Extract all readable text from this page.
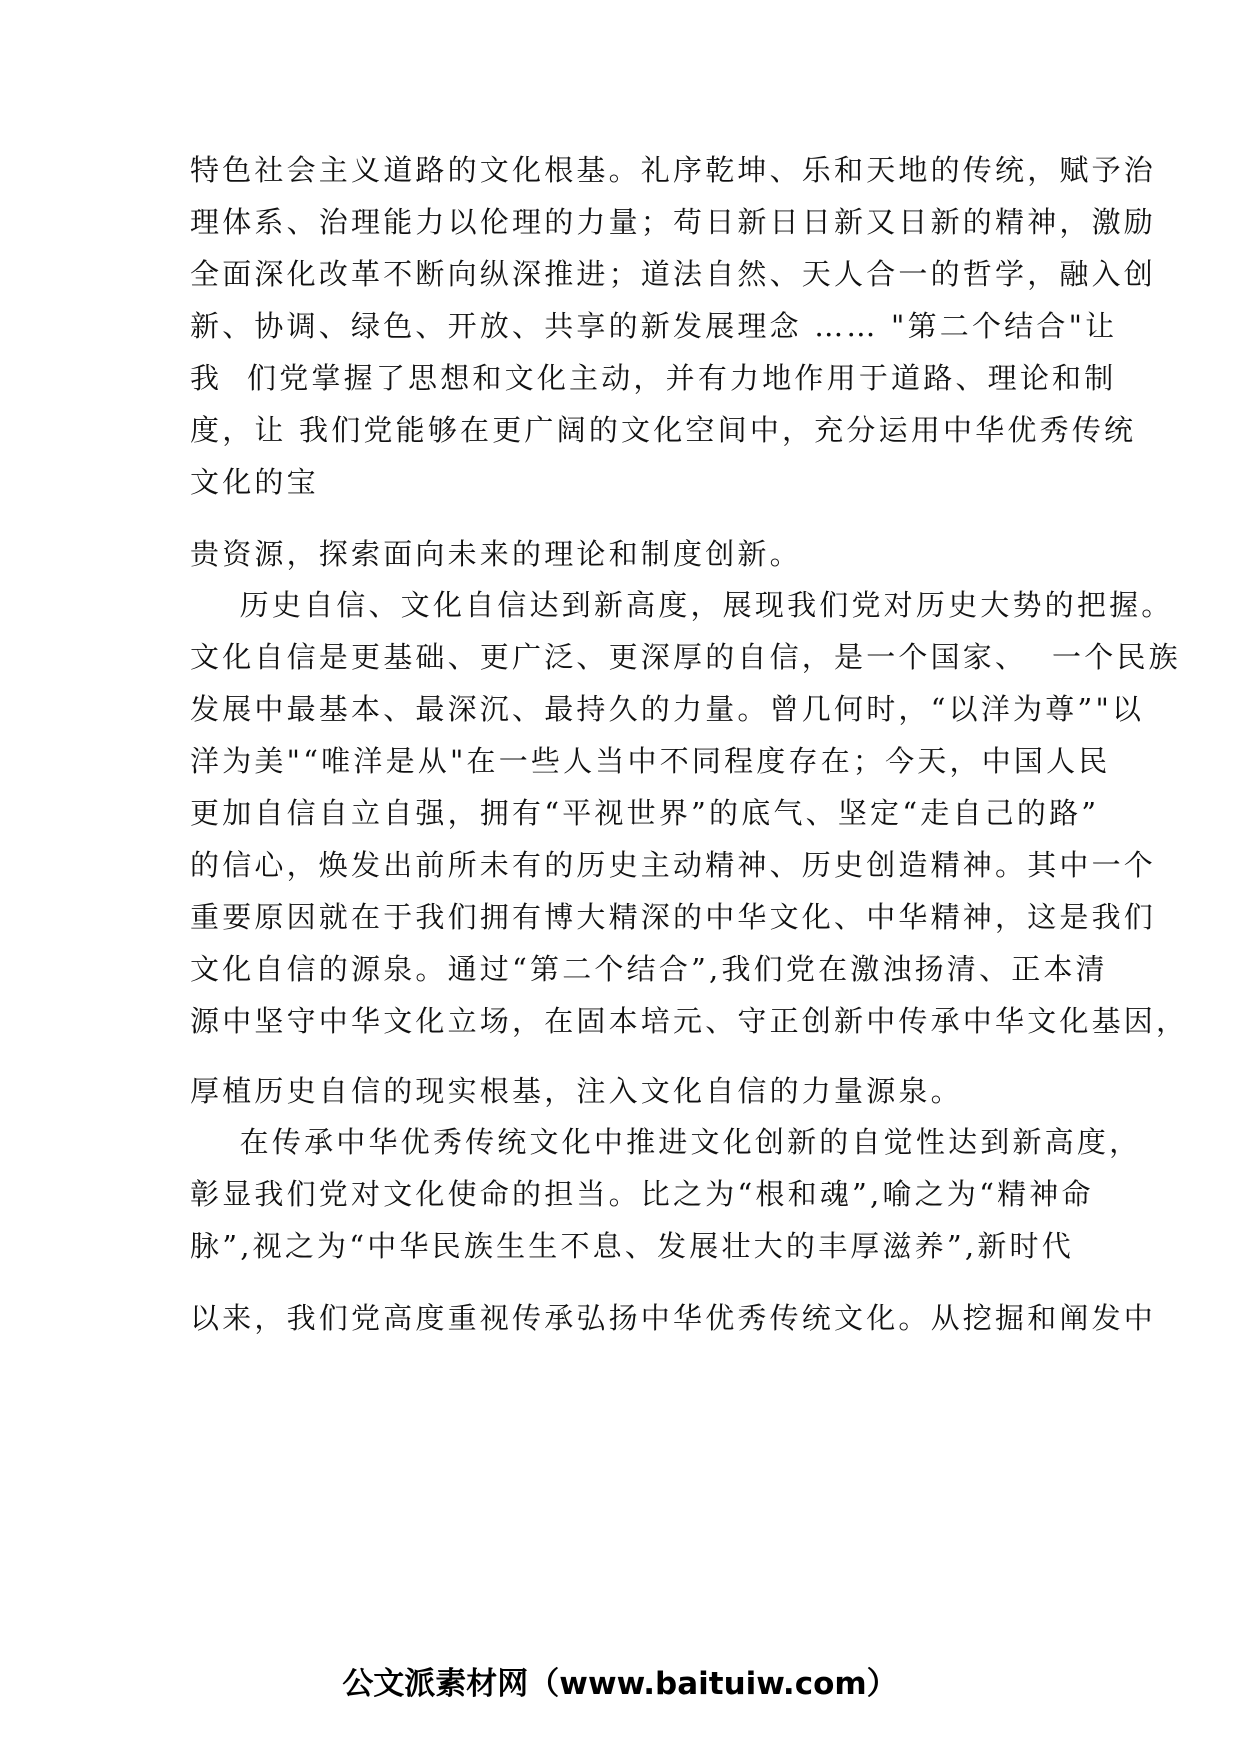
特色社会主义道路的文化根基。礼序乾坤、乐和天地的传统，赋予治
理体系、治理能力以伦理的力量；苟日新日日新又日新的精神，激励
全面深化改革不断向纵深推进；道法自然、天人合一的哲学，融入创
新、协调、绿色、开放、共享的新发展理念 …… "第二个结合"让
我  们党掌握了思想和文化主动，并有力地作用于道路、理论和制
度，让 我们党能够在更广阔的文化空间中，充分运用中华优秀传统
文化的宝
贵资源，探索面向未来的理论和制度创新。
历史自信、文化自信达到新高度，展现我们党对历史大势的把握。
文化自信是更基础、更广泛、更深厚的自信，是一个国家、  一个民族
发展中最基本、最深沉、最持久的力量。曾几何时，“以洋为尊”"以
洋为美"“唯洋是从"在一些人当中不同程度存在；今天，中国人民
更加自信自立自强，拥有“平视世界”的底气、坚定“走自己的路”
的信心，焕发出前所未有的历史主动精神、历史创造精神。其中一个
重要原因就在于我们拥有博大精深的中华文化、中华精神，这是我们
文化自信的源泉。通过“第二个结合”,我们党在激浊扬清、正本清
源中坚守中华文化立场，在固本培元、守正创新中传承中华文化基因，
厚植历史自信的现实根基，注入文化自信的力量源泉。
在传承中华优秀传统文化中推进文化创新的自觉性达到新高度，
彰显我们党对文化使命的担当。比之为“根和魂”,喻之为“精神命
脉”,视之为“中华民族生生不息、发展壮大的丰厚滋养”,新时代
以来，我们党高度重视传承弘扬中华优秀传统文化。从挖掘和阐发中
公文派素材网（www.baituiw.com）
